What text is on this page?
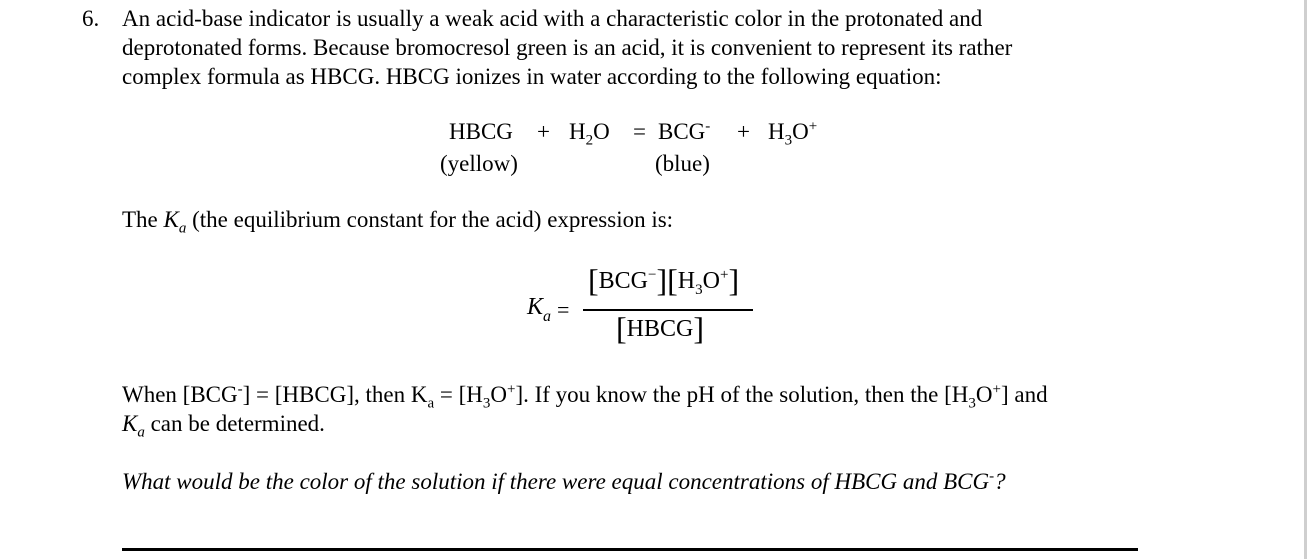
6. An acid-base indicator is usually a weak acid with a characteristic color in the protonated and
deprotonated forms. Because bromocresol green is an acid, it is convenient to represent its rather
complex formula as HBCG. HBCG ionizes in water according to the following equation:
HBCG + $H_2O = BCG^- + H_3O^+$
(yellow)	(blue)
The $K_a$ (the equilibrium constant for the acid) expression is:
K a =
$[BCG^-][H_3O^+]$
[HBCG]
When [BCG-] = [HBCG], then $K_a = [H_3O^+]$. If you know the pH of the solution, then the $[H_3O^+]$ and
$K_a$ can be determined.
What would be the color of the solution if there were equal concentrations of HBCG and BCG-?
